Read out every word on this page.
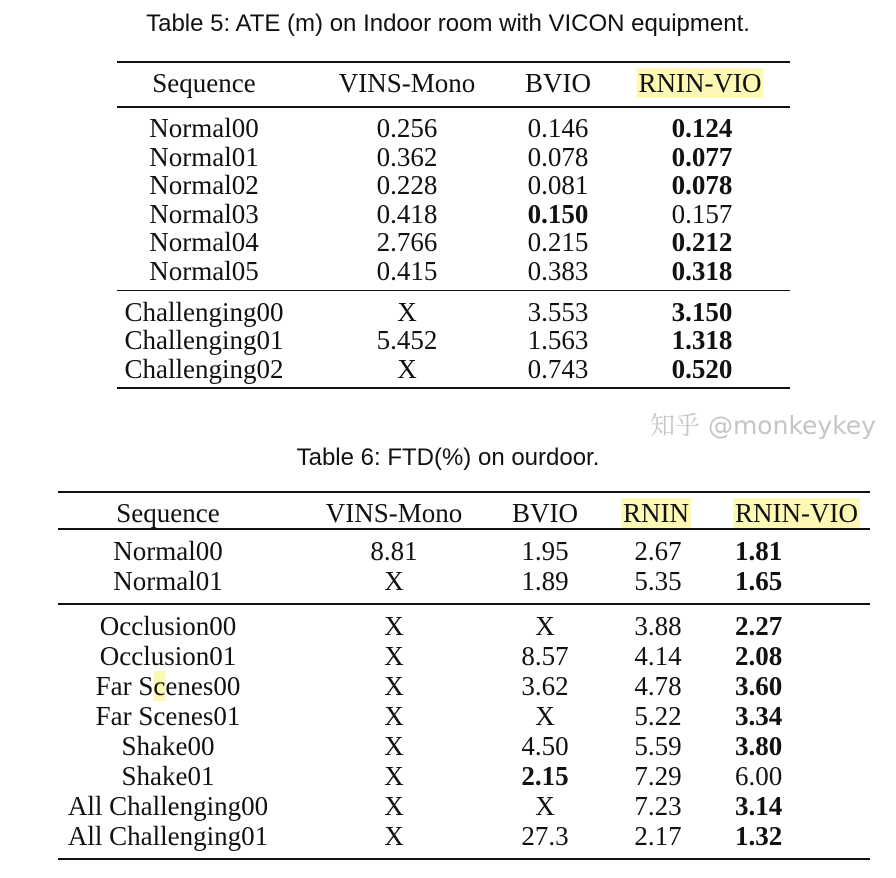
Table 5: ATE (m) on Indoor room with VICON equipment.
Sequence	VINS-Mono BVIO RNIN-VIO
Normal00	0.256	0.146	0.124
Normal01	0.362	0.078	0.077
Normal02	0.228	0.081	0.078
Normal03	0.418	0.150	0.157
Normal04	2.766	0.215	0.212
Normal05	0.415	0.383	0.318
Challenging00	X	3.553	3.150
Challenging01	5.452	1.563	1.318
Challenging02	X	0.743	0.520
Table 6: FTD(%) on ourdoor.
Sequence	VINS-Mono BVIO RNIN RNIN-VIO
Normal00	8.81	1.95 2.67 1.81
Normal01	X	1.89 5.35 1.65
Occlusion00	X	X	3.88 2.27
Occlusion01	X	8.57 4.14 2.08
Far Scenes00	X	3.62 4.78 3.60
Far Scenes01	X	X	5.22 3.34
Shake00	X	4.50 5.59 3.80
Shake01	X	2.15 7.29 6.00
All Challenging00	X	X	7.23 3.14
All Challenging01	X	27.3 2.17 1.32
知乎 @monkeykey
